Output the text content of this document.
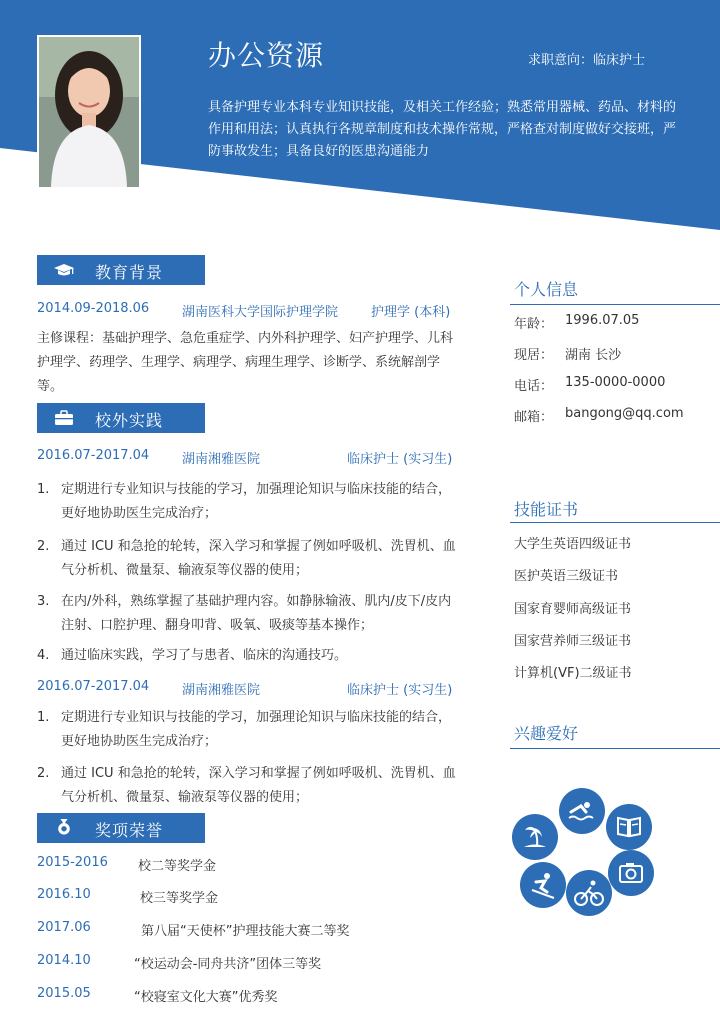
办公资源	求职意向：临床护士
具备护理专业本科专业知识技能，及相关工作经验；熟悉常用器械、药品、材料的作用和用法；认真执行各规章制度和技术操作常规，严格查对制度做好交接班，严防事故发生；具备良好的医患沟通能力
教育背景
2014.09-2018.06	湖南医科大学国际护理学院	护理学 (本科)
主修课程：基础护理学、急危重症学、内外科护理学、妇产护理学、儿科护理学、药理学、生理学、病理学、病理生理学、诊断学、系统解剖学等。
校外实践
2016.07-2017.04	湖南湘雅医院	临床护士 (实习生)
1. 定期进行专业知识与技能的学习，加强理论知识与临床技能的结合，更好地协助医生完成治疗；
2. 通过 ICU 和急抢的轮转，深入学习和掌握了例如呼吸机、洗胃机、血气分析机、微量泵、输液泵等仪器的使用；
3. 在内/外科，熟练掌握了基础护理内容。如静脉输液、肌内/皮下/皮内注射、口腔护理、翻身叩背、吸氧、吸痰等基本操作；
4. 通过临床实践，学习了与患者、临床的沟通技巧。
2016.07-2017.04	湖南湘雅医院	临床护士 (实习生)
1. 定期进行专业知识与技能的学习，加强理论知识与临床技能的结合，更好地协助医生完成治疗；
2. 通过 ICU 和急抢的轮转，深入学习和掌握了例如呼吸机、洗胃机、血气分析机、微量泵、输液泵等仪器的使用；
奖项荣誉
2015-2016 校二等奖学金
2016.10	校三等奖学金
2017.06	第八届“天使杯”护理技能大赛二等奖
2014.10	“校运动会-同舟共济”团体三等奖
2015.05	“校寝室文化大赛”优秀奖
个人信息
年龄： 1996.07.05
现居： 湖南 长沙
电话： 135-0000-0000
邮箱： bangong@qq.com
技能证书
大学生英语四级证书
医护英语三级证书
国家育婴师高级证书
国家营养师三级证书
计算机(VF)二级证书
兴趣爱好
